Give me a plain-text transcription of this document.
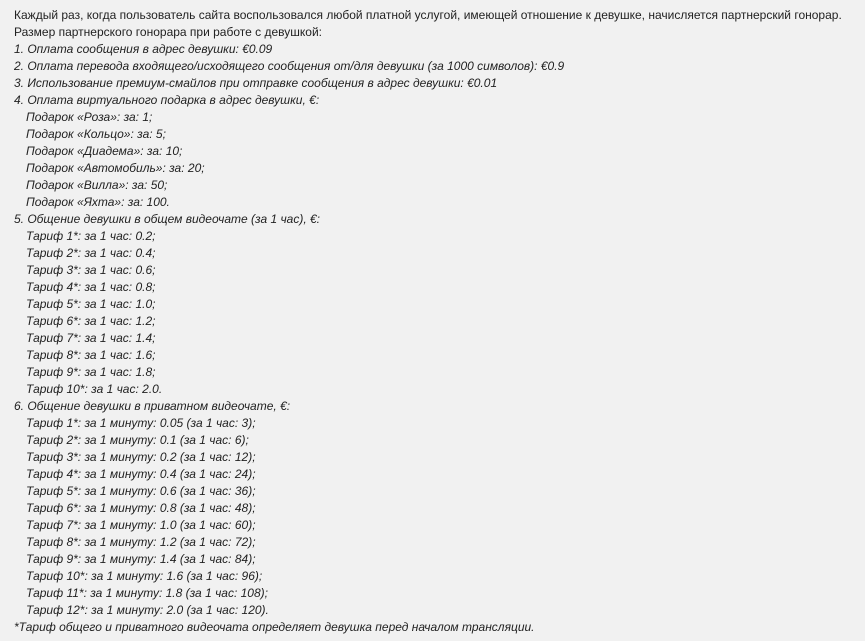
Каждый раз, когда пользователь сайта воспользовался любой платной услугой, имеющей отношение к девушке, начисляется партнерский гонорар.
Размер партнерского гонорара при работе с девушкой:
1. Оплата сообщения в адрес девушки: €0.09
2. Оплата перевода входящего/исходящего сообщения от/для девушки (за 1000 символов): €0.9
3. Использование премиум-смайлов при отправке сообщения в адрес девушки: €0.01
4. Оплата виртуального подарка в адрес девушки, €:
Подарок «Роза»: за: 1;
Подарок «Кольцо»: за: 5;
Подарок «Диадема»: за: 10;
Подарок «Автомобиль»: за: 20;
Подарок «Вилла»: за: 50;
Подарок «Яхта»: за: 100.
5. Общение девушки в общем видеочате (за 1 час), €:
Тариф 1*: за 1 час: 0.2;
Тариф 2*: за 1 час: 0.4;
Тариф 3*: за 1 час: 0.6;
Тариф 4*: за 1 час: 0.8;
Тариф 5*: за 1 час: 1.0;
Тариф 6*: за 1 час: 1.2;
Тариф 7*: за 1 час: 1.4;
Тариф 8*: за 1 час: 1.6;
Тариф 9*: за 1 час: 1.8;
Тариф 10*: за 1 час: 2.0.
6. Общение девушки в приватном видеочате, €:
Тариф 1*: за 1 минуту: 0.05 (за 1 час: 3);
Тариф 2*: за 1 минуту: 0.1 (за 1 час: 6);
Тариф 3*: за 1 минуту: 0.2 (за 1 час: 12);
Тариф 4*: за 1 минуту: 0.4 (за 1 час: 24);
Тариф 5*: за 1 минуту: 0.6 (за 1 час: 36);
Тариф 6*: за 1 минуту: 0.8 (за 1 час: 48);
Тариф 7*: за 1 минуту: 1.0 (за 1 час: 60);
Тариф 8*: за 1 минуту: 1.2 (за 1 час: 72);
Тариф 9*: за 1 минуту: 1.4 (за 1 час: 84);
Тариф 10*: за 1 минуту: 1.6 (за 1 час: 96);
Тариф 11*: за 1 минуту: 1.8 (за 1 час: 108);
Тариф 12*: за 1 минуту: 2.0 (за 1 час: 120).
*Тариф общего и приватного видеочата определяет девушка перед началом трансляции.
